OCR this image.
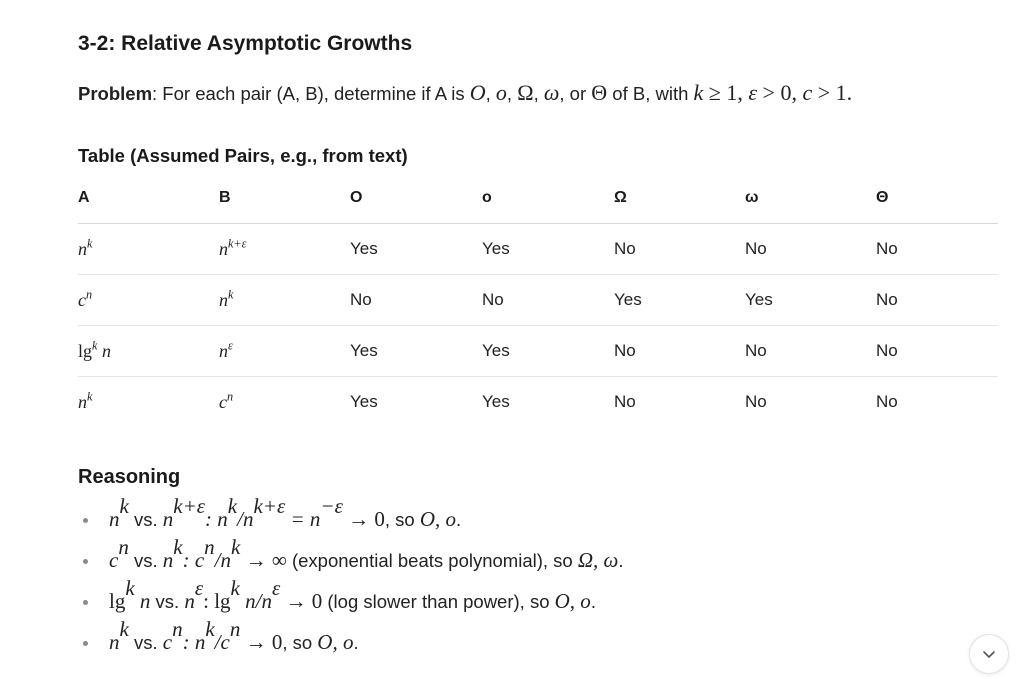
3-2: Relative Asymptotic Growths
Problem: For each pair (A, B), determine if A is O, o, Ω, ω, or Θ of B, with k ≥ 1, ε > 0, c > 1.
Table (Assumed Pairs, e.g., from text)
A	B	O	o	Ω	ω	Θ
$n^k$	$n^{k+\varepsilon}$	Yes	Yes	No	No	No
$c^n$	$n^k$	No	No	Yes	Yes	No
$\lg^k n$	$n^\varepsilon$	Yes	Yes	No	No	No
$n^k$	$c^n$	Yes	Yes	No	No	No
Reasoning
$n^k$ vs. $n^{k+\varepsilon}$: $n^k/n^{k+\varepsilon} = n^{-\varepsilon} \to 0$, so O, o.
$c^n$ vs. $n^k$: $c^n/n^k$ → ∞ (exponential beats polynomial), so Ω, ω.
$\lg^k n$ vs. $n^\varepsilon$: $\lg^k n/n^\varepsilon \to 0$ (log slower than power), so O, o.
$n^k$ vs. $c^n$: $n^k/c^n \to 0$, so O, o.
